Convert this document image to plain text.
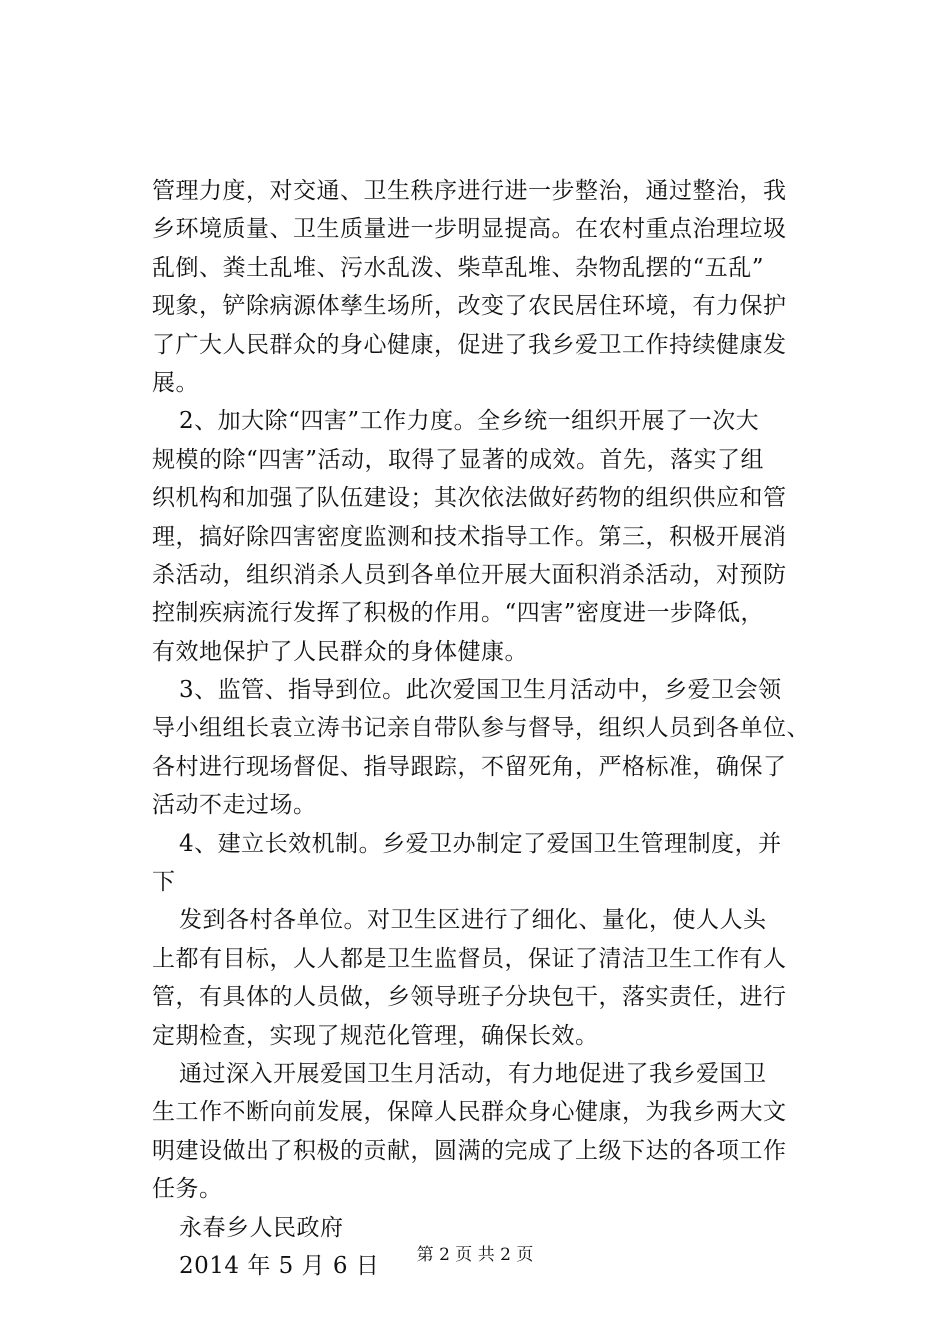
管理力度，对交通、卫生秩序进行进一步整治，通过整治，我
乡环境质量、卫生质量进一步明显提高。在农村重点治理垃圾
乱倒、粪土乱堆、污水乱泼、柴草乱堆、杂物乱摆的“五乱”
现象，铲除病源体孳生场所，改变了农民居住环境，有力保护
了广大人民群众的身心健康，促进了我乡爱卫工作持续健康发
展。
2、加大除“四害”工作力度。全乡统一组织开展了一次大
规模的除“四害”活动，取得了显著的成效。首先，落实了组
织机构和加强了队伍建设；其次依法做好药物的组织供应和管
理，搞好除四害密度监测和技术指导工作。第三，积极开展消
杀活动，组织消杀人员到各单位开展大面积消杀活动，对预防
控制疾病流行发挥了积极的作用。“四害”密度进一步降低，
有效地保护了人民群众的身体健康。
3、监管、指导到位。此次爱国卫生月活动中，乡爱卫会领
导小组组长袁立涛书记亲自带队参与督导，组织人员到各单位、
各村进行现场督促、指导跟踪，不留死角，严格标准，确保了
活动不走过场。
4、建立长效机制。乡爱卫办制定了爱国卫生管理制度，并
下
发到各村各单位。对卫生区进行了细化、量化，使人人头
上都有目标，人人都是卫生监督员，保证了清洁卫生工作有人
管，有具体的人员做，乡领导班子分块包干，落实责任，进行
定期检查，实现了规范化管理，确保长效。
通过深入开展爱国卫生月活动，有力地促进了我乡爱国卫
生工作不断向前发展，保障人民群众身心健康，为我乡两大文
明建设做出了积极的贡献，圆满的完成了上级下达的各项工作
任务。
永春乡人民政府
2014 年 5 月 6 日	第 2 页 共 2 页
